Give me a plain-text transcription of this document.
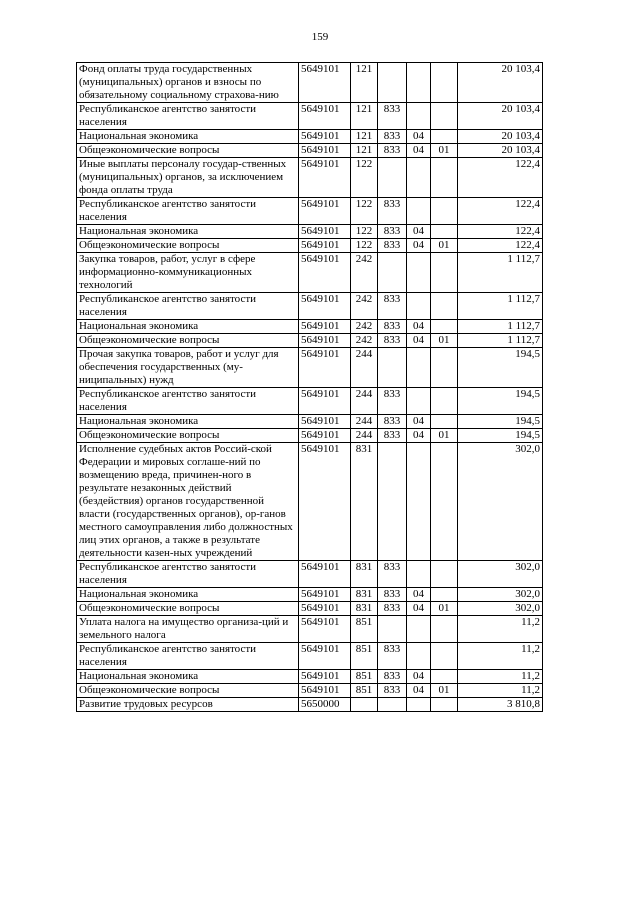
159
Фонд оплаты труда государственных (муниципальных) органов и взносы по обязательному социальному страхова-нию	5649101	121				20 103,4
Республиканское агентство занятости населения	5649101	121	833			20 103,4
Национальная экономика	5649101	121	833	04		20 103,4
Общеэкономические вопросы	5649101	121	833	04	01	20 103,4
Иные выплаты персоналу государ-ственных (муниципальных) органов, за исключением фонда оплаты труда	5649101	122				122,4
Республиканское агентство занятости населения	5649101	122	833			122,4
Национальная экономика	5649101	122	833	04		122,4
Общеэкономические вопросы	5649101	122	833	04	01	122,4
Закупка товаров, работ, услуг в сфере информационно-коммуникационных технологий	5649101	242				1 112,7
Республиканское агентство занятости населения	5649101	242	833			1 112,7
Национальная экономика	5649101	242	833	04		1 112,7
Общеэкономические вопросы	5649101	242	833	04	01	1 112,7
Прочая закупка товаров, работ и услуг для обеспечения государственных (му-ниципальных) нужд	5649101	244				194,5
Республиканское агентство занятости населения	5649101	244	833			194,5
Национальная экономика	5649101	244	833	04		194,5
Общеэкономические вопросы	5649101	244	833	04	01	194,5
Исполнение судебных актов Россий-ской Федерации и мировых соглаше-ний по возмещению вреда, причинен-ного в результате незаконных действий (бездействия) органов государственной власти (государственных органов), ор-ганов местного самоуправления либо должностных лиц этих органов, а также в результате деятельности казен-ных учреждений	5649101	831				302,0
Республиканское агентство занятости населения	5649101	831	833			302,0
Национальная экономика	5649101	831	833	04		302,0
Общеэкономические вопросы	5649101	831	833	04	01	302,0
Уплата налога на имущество организа-ций и земельного налога	5649101	851				11,2
Республиканское агентство занятости населения	5649101	851	833			11,2
Национальная экономика	5649101	851	833	04		11,2
Общеэкономические вопросы	5649101	851	833	04	01	11,2
Развитие трудовых ресурсов	5650000					3 810,8
